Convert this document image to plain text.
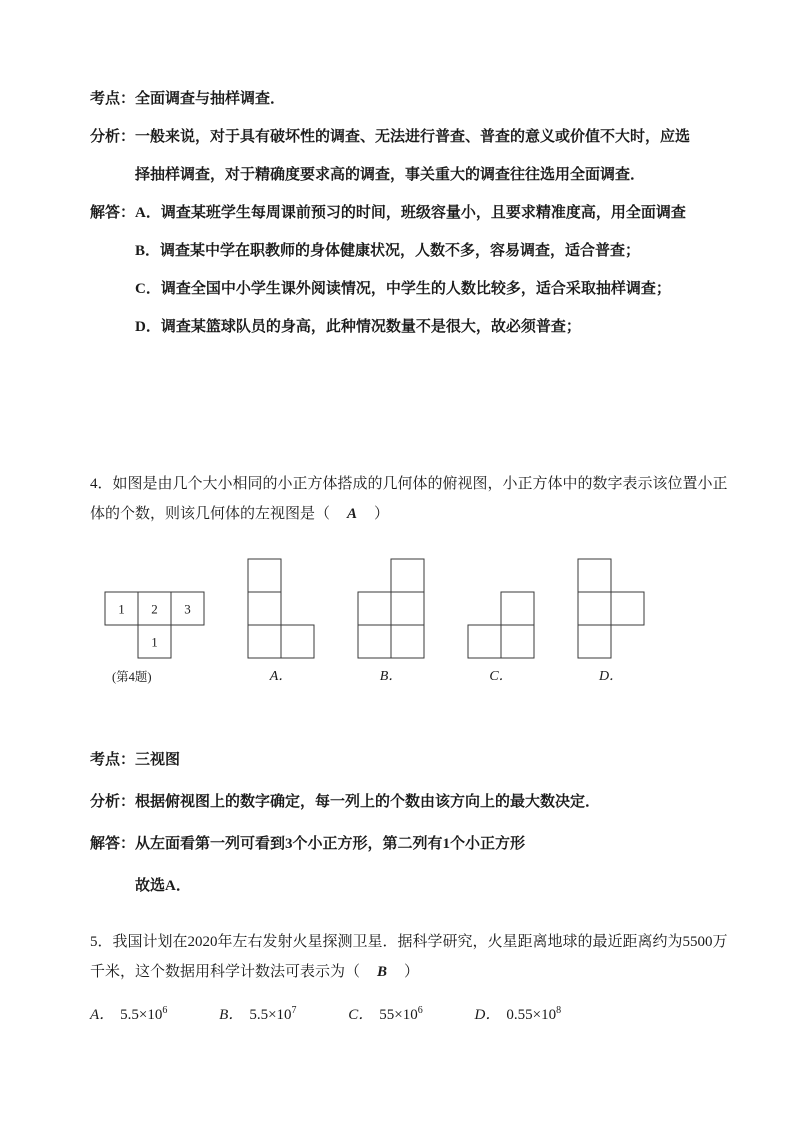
考点：全面调查与抽样调查．

分析：一般来说，对于具有破坏性的调查、无法进行普查、普查的意义或价值不大时，应选

择抽样调查，对于精确度要求高的调查，事关重大的调查往往选用全面调查．

解答：A．调查某班学生每周课前预习的时间，班级容量小，且要求精准度高，用全面调查

B．调查某中学在职教师的身体健康状况，人数不多，容易调查，适合普查；

C．调查全国中小学生课外阅读情况，中学生的人数比较多，适合采取抽样调查；

D．调查某篮球队员的身高，此种情况数量不是很大，故必须普查；

4．如图是由几个大小相同的小正方体搭成的几何体的俯视图，小正方体中的数字表示该位置小正

体的个数，则该几何体的左视图是（　A　）

1 2 3
1
(第4题)	A．	B．	C．	D．

考点：三视图

分析：根据俯视图上的数字确定，每一列上的个数由该方向上的最大数决定．

解答：从左面看第一列可看到3个小正方形，第二列有1个小正方形

故选A．

5．我国计划在2020年左右发射火星探测卫星．据科学研究，火星距离地球的最近距离约为5500万

千米，这个数据用科学计数法可表示为（　B　）

A． $5.5\times 10^6$	B． $5.5\times 10^7$	C． $55\times 10^6$	D． $0.55\times 10^8$
